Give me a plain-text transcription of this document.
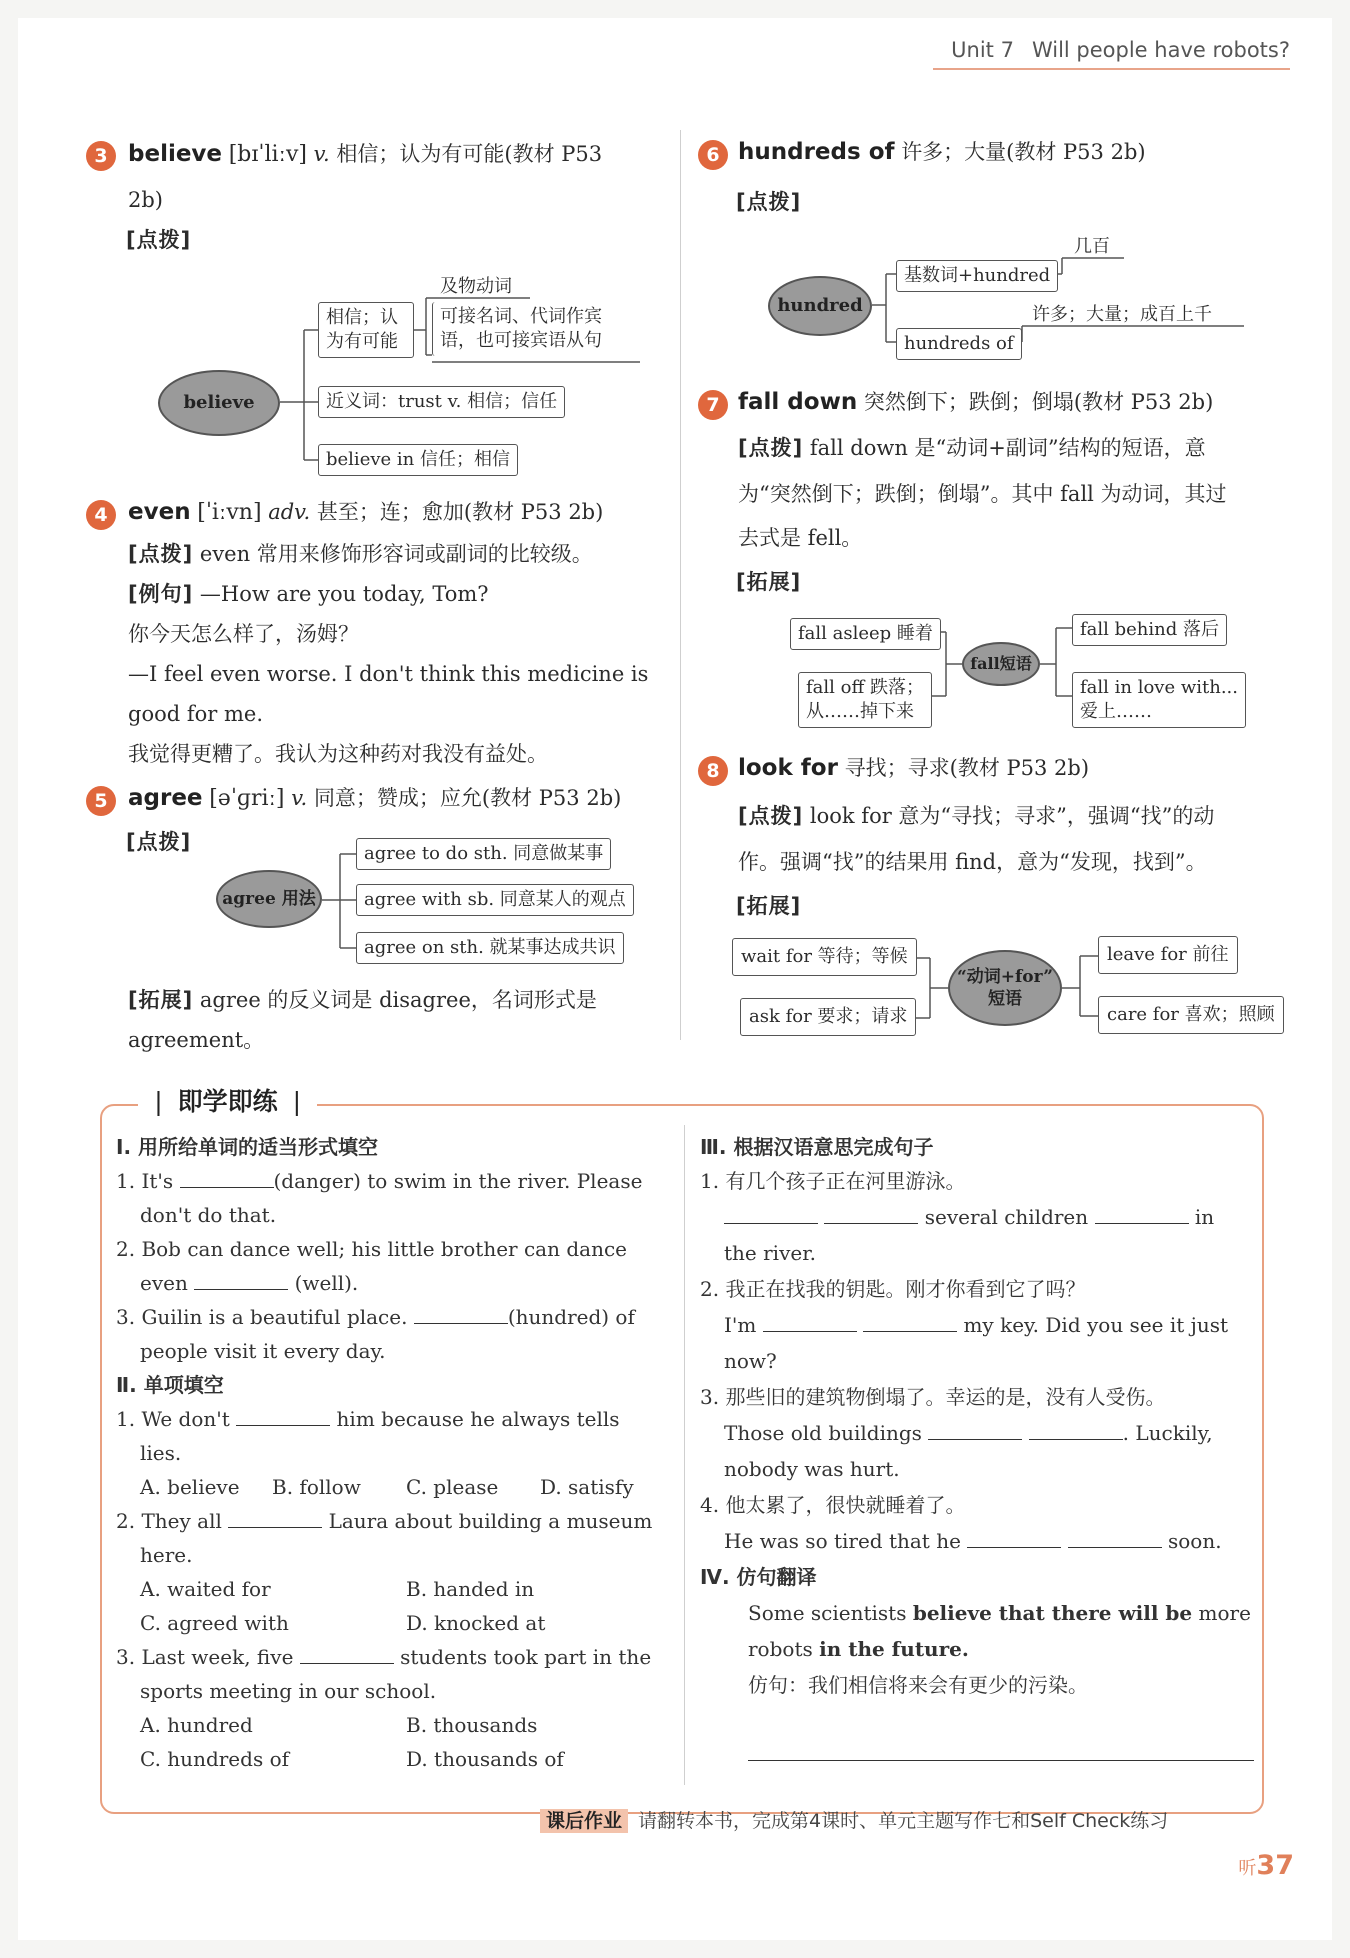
Unit 7 Will people have robots?
3 believe [bɪˈliːv] v. 相信；认为有可能(教材 P53
2b)
[点拨]
believe
相信；认
为有可能
及物动词
可接名词、代词作宾
语，也可接宾语从句
近义词：trust v. 相信；信任
believe in 信任；相信
4 even [ˈiːvn] adv. 甚至；连；愈加(教材 P53 2b)
[点拨] even 常用来修饰形容词或副词的比较级。
[例句] —How are you today, Tom?
你今天怎么样了，汤姆？
—I feel even worse. I don't think this medicine is
good for me.
我觉得更糟了。我认为这种药对我没有益处。
5 agree [əˈɡriː] v. 同意；赞成；应允(教材 P53 2b)
[点拨]
agree 用法
agree to do sth. 同意做某事
agree with sb. 同意某人的观点
agree on sth. 就某事达成共识
[拓展] agree 的反义词是 disagree，名词形式是
agreement。
6 hundreds of 许多；大量(教材 P53 2b)
[点拨]
hundred
基数词+hundred
几百
hundreds of
许多；大量；成百上千
7 fall down 突然倒下；跌倒；倒塌(教材 P53 2b)
[点拨] fall down 是“动词+副词”结构的短语，意
为“突然倒下；跌倒；倒塌”。其中 fall 为动词，其过
去式是 fell。
[拓展]
fall短语
fall asleep 睡着
fall off 跌落；
从……掉下来
fall behind 落后
fall in love with...
爱上……
8 look for 寻找；寻求(教材 P53 2b)
[点拨] look for 意为“寻找；寻求”，强调“找”的动
作。强调“找”的结果用 find，意为“发现，找到”。
[拓展]
“动词+for”
短语
wait for 等待；等候
ask for 要求；请求
leave for 前往
care for 喜欢；照顾
❘ 即学即练 ❘
Ⅰ. 用所给单词的适当形式填空
1. It's	(danger) to swim in the river. Please
don't do that.
2. Bob can dance well; his little brother can dance
even	(well).
3. Guilin is a beautiful place.	(hundred) of
people visit it every day.
Ⅱ. 单项填空
1. We don't	him because he always tells
lies.
A. believe B. follow C. please D. satisfy
2. They all	Laura about building a museum
here.
A. waited for	B. handed in
C. agreed with	D. knocked at
3. Last week, five	students took part in the
sports meeting in our school.
A. hundred	B. thousands
C. hundreds of	D. thousands of
Ⅲ. 根据汉语意思完成句子
1. 有几个孩子正在河里游泳。
several children	in
the river.
2. 我正在找我的钥匙。刚才你看到它了吗？
I'm	my key. Did you see it just
now?
3. 那些旧的建筑物倒塌了。幸运的是，没有人受伤。
Those old buildings	. Luckily,
nobody was hurt.
4. 他太累了，很快就睡着了。
He was so tired that he	soon.
Ⅳ. 仿句翻译
Some scientists believe that there will be more
robots in the future.
仿句：我们相信将来会有更少的污染。
课后作业 请翻转本书，完成第4课时、单元主题写作七和Self Check练习
听37
